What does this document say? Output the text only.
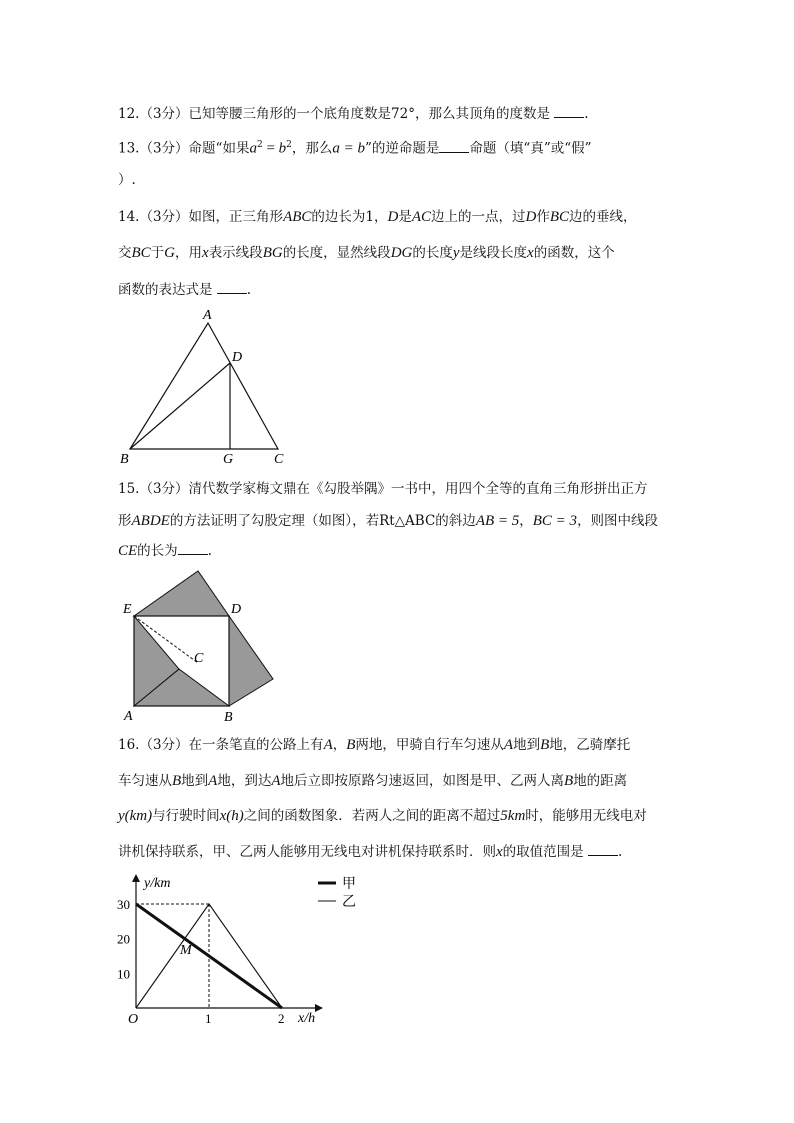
12.（3分）已知等腰三角形的一个底角度数是72°，那么其顶角的度数是	.
13.（3分）命题“如果$a^2 = b^2$，那么a = b”的逆命题是 命题（填“真”或“假”
）.
14.（3分）如图，正三角形ABC的边长为1，D是AC边上的一点，过D作BC边的垂线，
交BC于G，用x表示线段BG的长度，显然线段DG的长度y是线段长度x的函数，这个
函数的表达式是	.
A
D
B	G	C
15.（3分）清代数学家梅文鼎在《勾股举隅》一书中，用四个全等的直角三角形拼出正方
形ABDE的方法证明了勾股定理（如图），若Rt△ABC的斜边AB = 5，BC = 3，则图中线段
CE的长为 .
E	D
C
A	B
16.（3分）在一条笔直的公路上有A，B两地，甲骑自行车匀速从A地到B地，乙骑摩托
车匀速从B地到A地，到达A地后立即按原路匀速返回，如图是甲、乙两人离B地的距离
y(km)与行驶时间x(h)之间的函数图象．若两人之间的距离不超过5km时，能够用无线电对
讲机保持联系，甲、乙两人能够用无线电对讲机保持联系时．则x的取值范围是	.
y/km
x/h
O	1	2
10
20
30
M
甲
乙
